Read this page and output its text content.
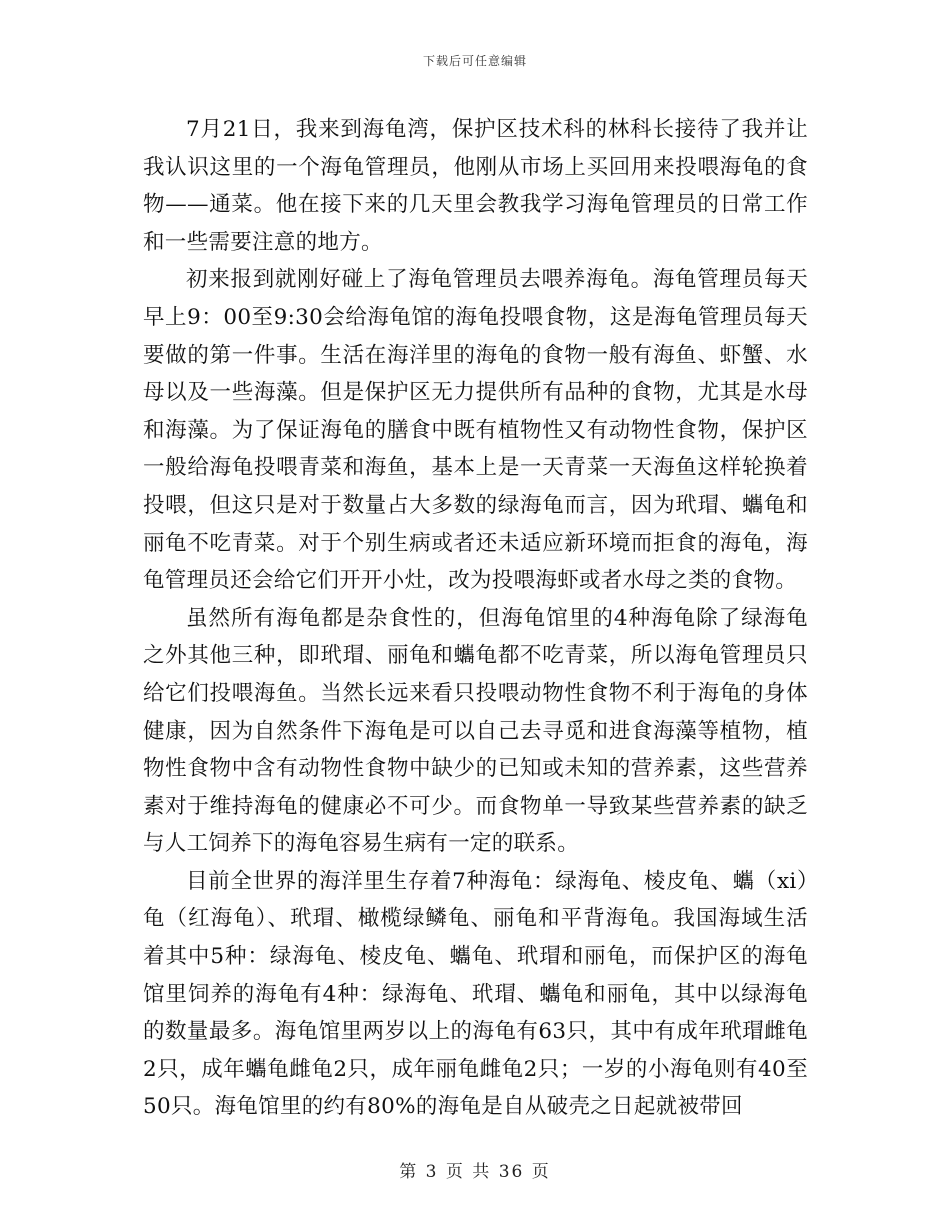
下载后可任意编辑

7月21日，我来到海龟湾，保护区技术科的林科长接待了我并让我认识这里的一个海龟管理员，他刚从市场上买回用来投喂海龟的食物——通菜。他在接下来的几天里会教我学习海龟管理员的日常工作和一些需要注意的地方。

初来报到就刚好碰上了海龟管理员去喂养海龟。海龟管理员每天早上9：00至9:30会给海龟馆的海龟投喂食物，这是海龟管理员每天要做的第一件事。生活在海洋里的海龟的食物一般有海鱼、虾蟹、水母以及一些海藻。但是保护区无力提供所有品种的食物，尤其是水母和海藻。为了保证海龟的膳食中既有植物性又有动物性食物，保护区一般给海龟投喂青菜和海鱼，基本上是一天青菜一天海鱼这样轮换着投喂，但这只是对于数量占大多数的绿海龟而言，因为玳瑁、蠵龟和丽龟不吃青菜。对于个别生病或者还未适应新环境而拒食的海龟，海龟管理员还会给它们开开小灶，改为投喂海虾或者水母之类的食物。

虽然所有海龟都是杂食性的，但海龟馆里的4种海龟除了绿海龟之外其他三种，即玳瑁、丽龟和蠵龟都不吃青菜，所以海龟管理员只给它们投喂海鱼。当然长远来看只投喂动物性食物不利于海龟的身体健康，因为自然条件下海龟是可以自己去寻觅和进食海藻等植物，植物性食物中含有动物性食物中缺少的已知或未知的营养素，这些营养素对于维持海龟的健康必不可少。而食物单一导致某些营养素的缺乏与人工饲养下的海龟容易生病有一定的联系。

目前全世界的海洋里生存着7种海龟：绿海龟、棱皮龟、蠵（xi）龟（红海龟）、玳瑁、橄榄绿鳞龟、丽龟和平背海龟。我国海域生活着其中5种：绿海龟、棱皮龟、蠵龟、玳瑁和丽龟，而保护区的海龟馆里饲养的海龟有4种：绿海龟、玳瑁、蠵龟和丽龟，其中以绿海龟的数量最多。海龟馆里两岁以上的海龟有63只，其中有成年玳瑁雌龟2只，成年蠵龟雌龟2只，成年丽龟雌龟2只；一岁的小海龟则有40至50只。海龟馆里的约有80%的海龟是自从破壳之日起就被带回

第 3 页 共 36 页
